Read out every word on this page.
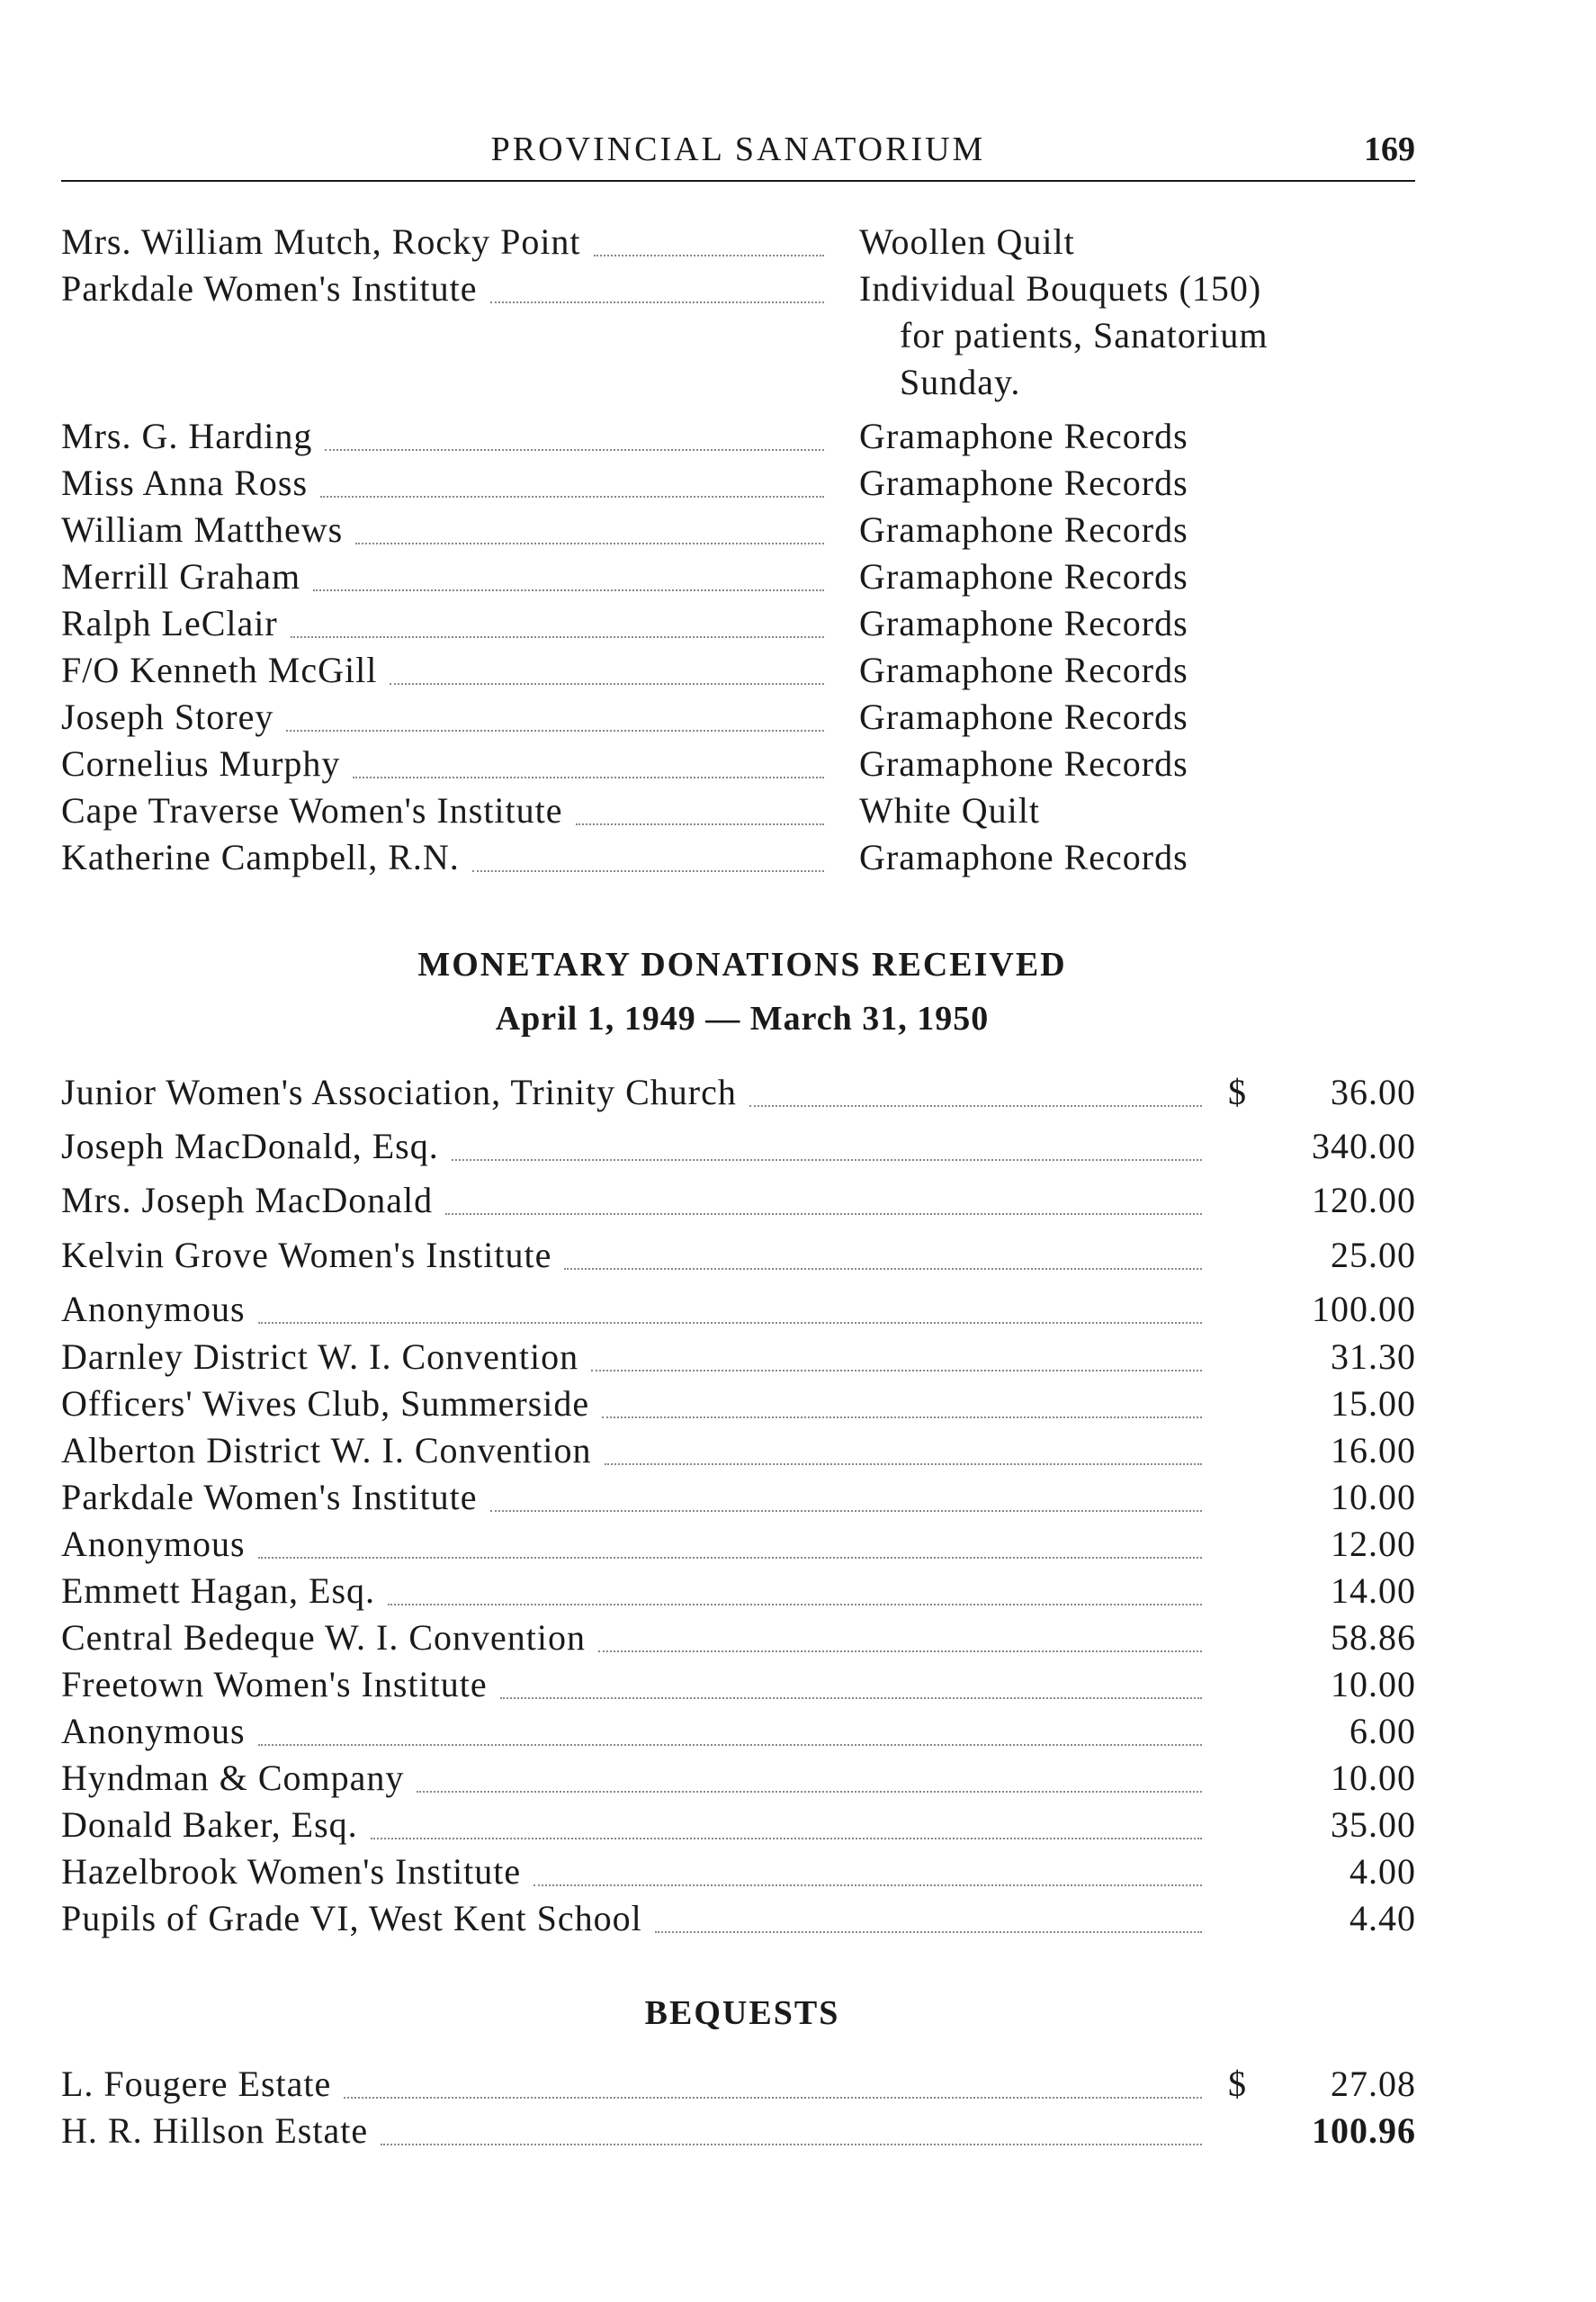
PROVINCIAL SANATORIUM	169
Mrs. William Mutch, Rocky Point	Woollen Quilt
Parkdale Women's Institute	Individual Bouquets (150)
for patients, Sanatorium
Sunday.
Mrs. G. Harding	Gramaphone Records
Miss Anna Ross	Gramaphone Records
William Matthews	Gramaphone Records
Merrill Graham	Gramaphone Records
Ralph LeClair	Gramaphone Records
F/O Kenneth McGill	Gramaphone Records
Joseph Storey	Gramaphone Records
Cornelius Murphy	Gramaphone Records
Cape Traverse Women's Institute	White Quilt
Katherine Campbell, R.N.	Gramaphone Records
MONETARY DONATIONS RECEIVED
April 1, 1949 — March 31, 1950
Junior Women's Association, Trinity Church	$ 36.00
Joseph MacDonald, Esq.	340.00
Mrs. Joseph MacDonald	120.00
Kelvin Grove Women's Institute	25.00
Anonymous	100.00
Darnley District W. I. Convention	31.30
Officers' Wives Club, Summerside	15.00
Alberton District W. I. Convention	16.00
Parkdale Women's Institute	10.00
Anonymous	12.00
Emmett Hagan, Esq.	14.00
Central Bedeque W. I. Convention	58.86
Freetown Women's Institute	10.00
Anonymous	6.00
Hyndman & Company	10.00
Donald Baker, Esq.	35.00
Hazelbrook Women's Institute	4.00
Pupils of Grade VI, West Kent School	4.40
BEQUESTS
L. Fougere Estate	$ 27.08
H. R. Hillson Estate	100.96
